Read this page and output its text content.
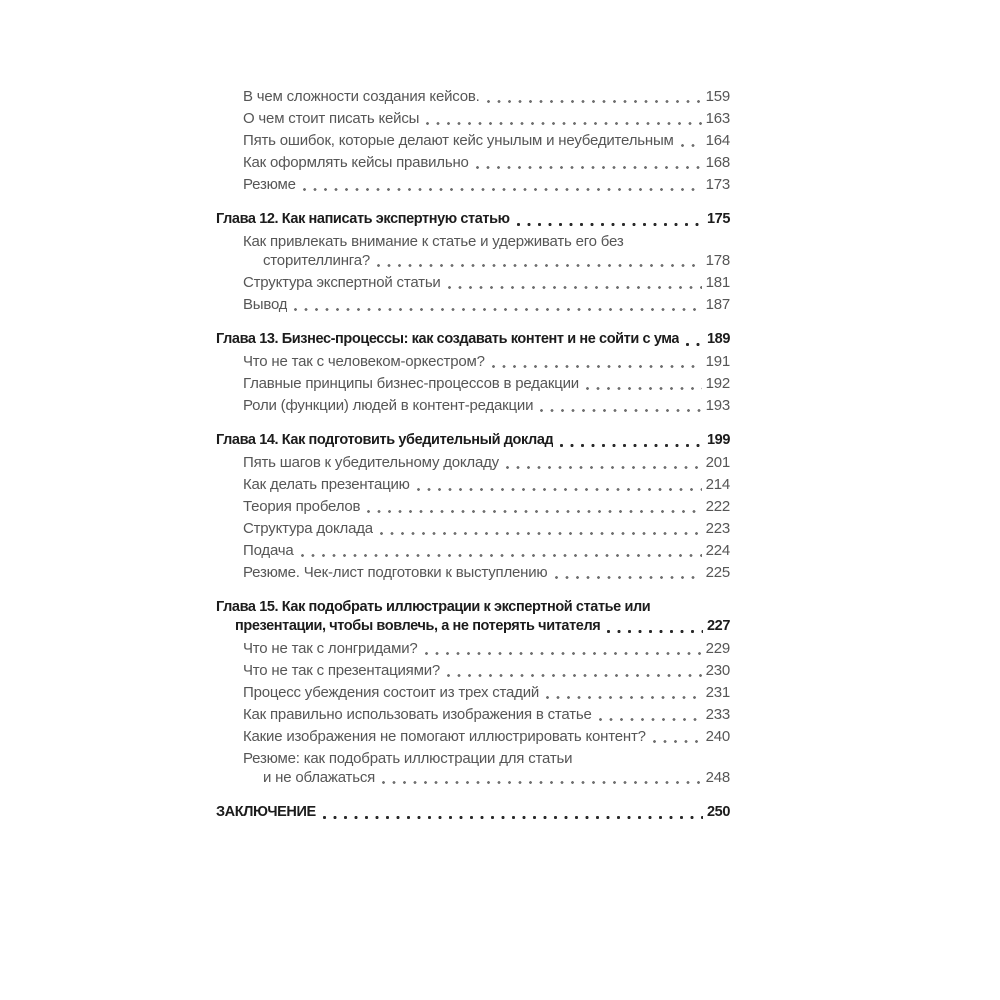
В чем сложности создания кейсов.	159
О чем стоит писать кейсы	163
Пять ошибок, которые делают кейс унылым и неубедительным 164
Как оформлять кейсы правильно	168
Резюме	173
Глава 12. Как написать экспертную статью	175
Как привлекать внимание к статье и удерживать его без
сторителлинга?	178
Структура экспертной статьи	181
Вывод	187
Глава 13. Бизнес-процессы: как создавать контент и не сойти с ума 189
Что не так с человеком-оркестром?	191
Главные принципы бизнес-процессов в редакции	192
Роли (функции) людей в контент-редакции	193
Глава 14. Как подготовить убедительный доклад	199
Пять шагов к убедительному докладу	201
Как делать презентацию	214
Теория пробелов	222
Структура доклада	223
Подача	224
Резюме. Чек-лист подготовки к выступлению	225
Глава 15. Как подобрать иллюстрации к экспертной статье или
презентации, чтобы вовлечь, а не потерять читателя	227
Что не так с лонгридами?	229
Что не так с презентациями?	230
Процесс убеждения состоит из трех стадий	231
Как правильно использовать изображения в статье	233
Какие изображения не помогают иллюстрировать контент?	240
Резюме: как подобрать иллюстрации для статьи
и не облажаться	248
ЗАКЛЮЧЕНИЕ	250
